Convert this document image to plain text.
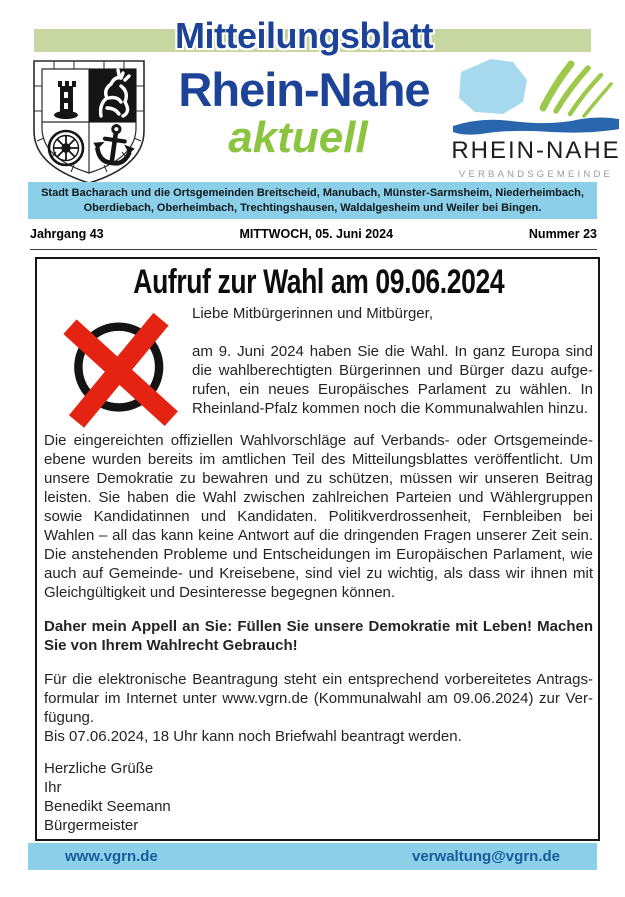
Mitteilungsblatt
Rhein-Nahe
aktuell	RHEIN-NAHE
VERBANDSGEMEINDE
Stadt Bacharach und die Ortsgemeinden Breitscheid, Manubach, Münster-Sarmsheim, Niederheimbach,
Oberdiebach, Oberheimbach, Trechtingshausen, Waldalgesheim und Weiler bei Bingen.
Jahrgang 43	MITTWOCH, 05. Juni 2024	Nummer 23
Aufruf zur Wahl am 09.06.2024

Liebe Mitbürgerinnen und Mitbürger,

am 9. Juni 2024 haben Sie die Wahl. In ganz Europa sind die wahlberechtigten Bürgerinnen und Bürger dazu aufgerufen, ein neues Europäisches Parlament zu wählen. In Rheinland-Pfalz kommen noch die Kommunalwahlen hinzu.

Die eingereichten offiziellen Wahlvorschläge auf Verbands- oder Ortsgemeindeebene wurden bereits im amtlichen Teil des Mitteilungsblattes veröffentlicht. Um unsere Demokratie zu bewahren und zu schützen, müssen wir unseren Beitrag leisten. Sie haben die Wahl zwischen zahlreichen Parteien und Wählergruppen sowie Kandidatinnen und Kandidaten. Politikverdrossenheit, Fernbleiben bei Wahlen – all das kann keine Antwort auf die dringenden Fragen unserer Zeit sein. Die anstehenden Probleme und Entscheidungen im Europäischen Parlament, wie auch auf Gemeinde- und Kreisebene, sind viel zu wichtig, als dass wir ihnen mit Gleichgültigkeit und Desinteresse begegnen können.

Daher mein Appell an Sie: Füllen Sie unsere Demokratie mit Leben! Machen Sie von Ihrem Wahlrecht Gebrauch!

Für die elektronische Beantragung steht ein entsprechend vorbereitetes Antragsformular im Internet unter www.vgrn.de (Kommunalwahl am 09.06.2024) zur Verfügung.

Bis 07.06.2024, 18 Uhr kann noch Briefwahl beantragt werden.

Herzliche Grüße
Ihr
Benedikt Seemann
Bürgermeister

www.vgrn.de	verwaltung@vgrn.de
